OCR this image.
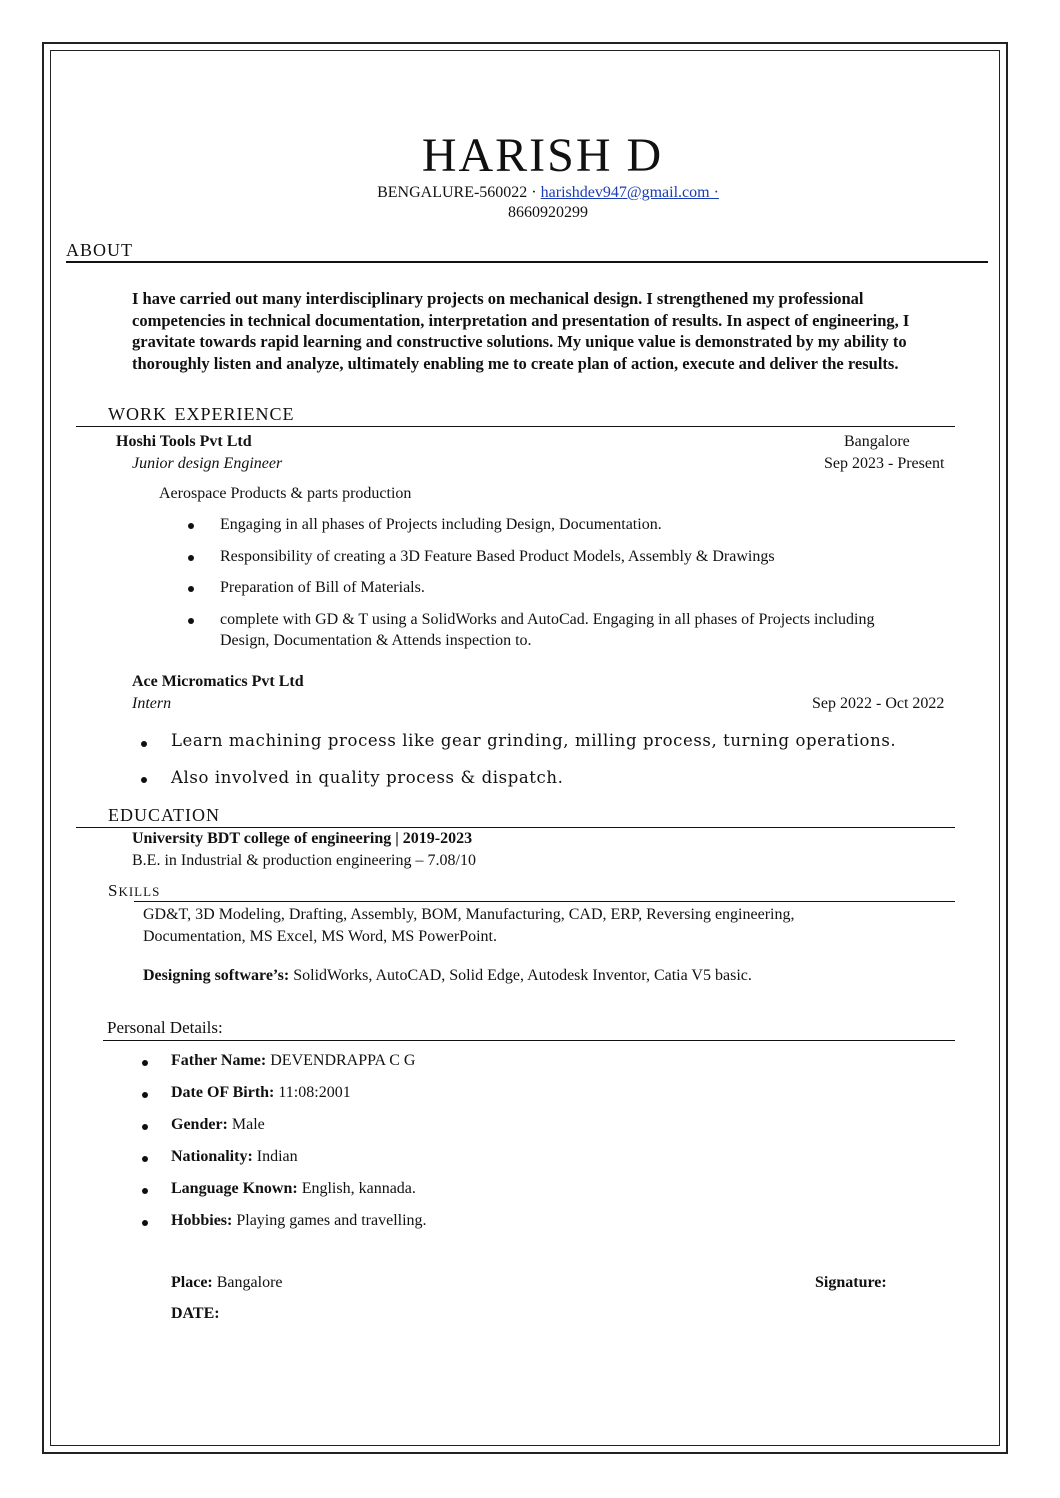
HARISH D
BENGALURE-560022 · harishdev947@gmail.com ·
8660920299
ABOUT
I have carried out many interdisciplinary projects on mechanical design. I strengthened my professional competencies in technical documentation, interpretation and presentation of results. In aspect of engineering, I gravitate towards rapid learning and constructive solutions. My unique value is demonstrated by my ability to thoroughly listen and analyze, ultimately enabling me to create plan of action, execute and deliver the results.
WORK EXPERIENCE
Hoshi Tools Pvt Ltd	Bangalore
Junior design Engineer	Sep 2023 - Present
Aerospace Products & parts production
Engaging in all phases of Projects including Design, Documentation.
Responsibility of creating a 3D Feature Based Product Models, Assembly & Drawings
Preparation of Bill of Materials.
complete with GD & T using a SolidWorks and AutoCad. Engaging in all phases of Projects including
Design, Documentation & Attends inspection to.
Ace Micromatics Pvt Ltd
Intern	Sep 2022 - Oct 2022
Learn machining process like gear grinding, milling process, turning operations.
Also involved in quality process & dispatch.
EDUCATION
University BDT college of engineering | 2019-2023
B.E. in Industrial & production engineering – 7.08/10
SKILLS
GD&T, 3D Modeling, Drafting, Assembly, BOM, Manufacturing, CAD, ERP, Reversing engineering,
Documentation, MS Excel, MS Word, MS PowerPoint.
Designing software’s: SolidWorks, AutoCAD, Solid Edge, Autodesk Inventor, Catia V5 basic.
Personal Details:
Father Name: DEVENDRAPPA C G
Date OF Birth: 11:08:2001
Gender: Male
Nationality: Indian
Language Known: English, kannada.
Hobbies: Playing games and travelling.
Place: Bangalore	Signature:
DATE:
